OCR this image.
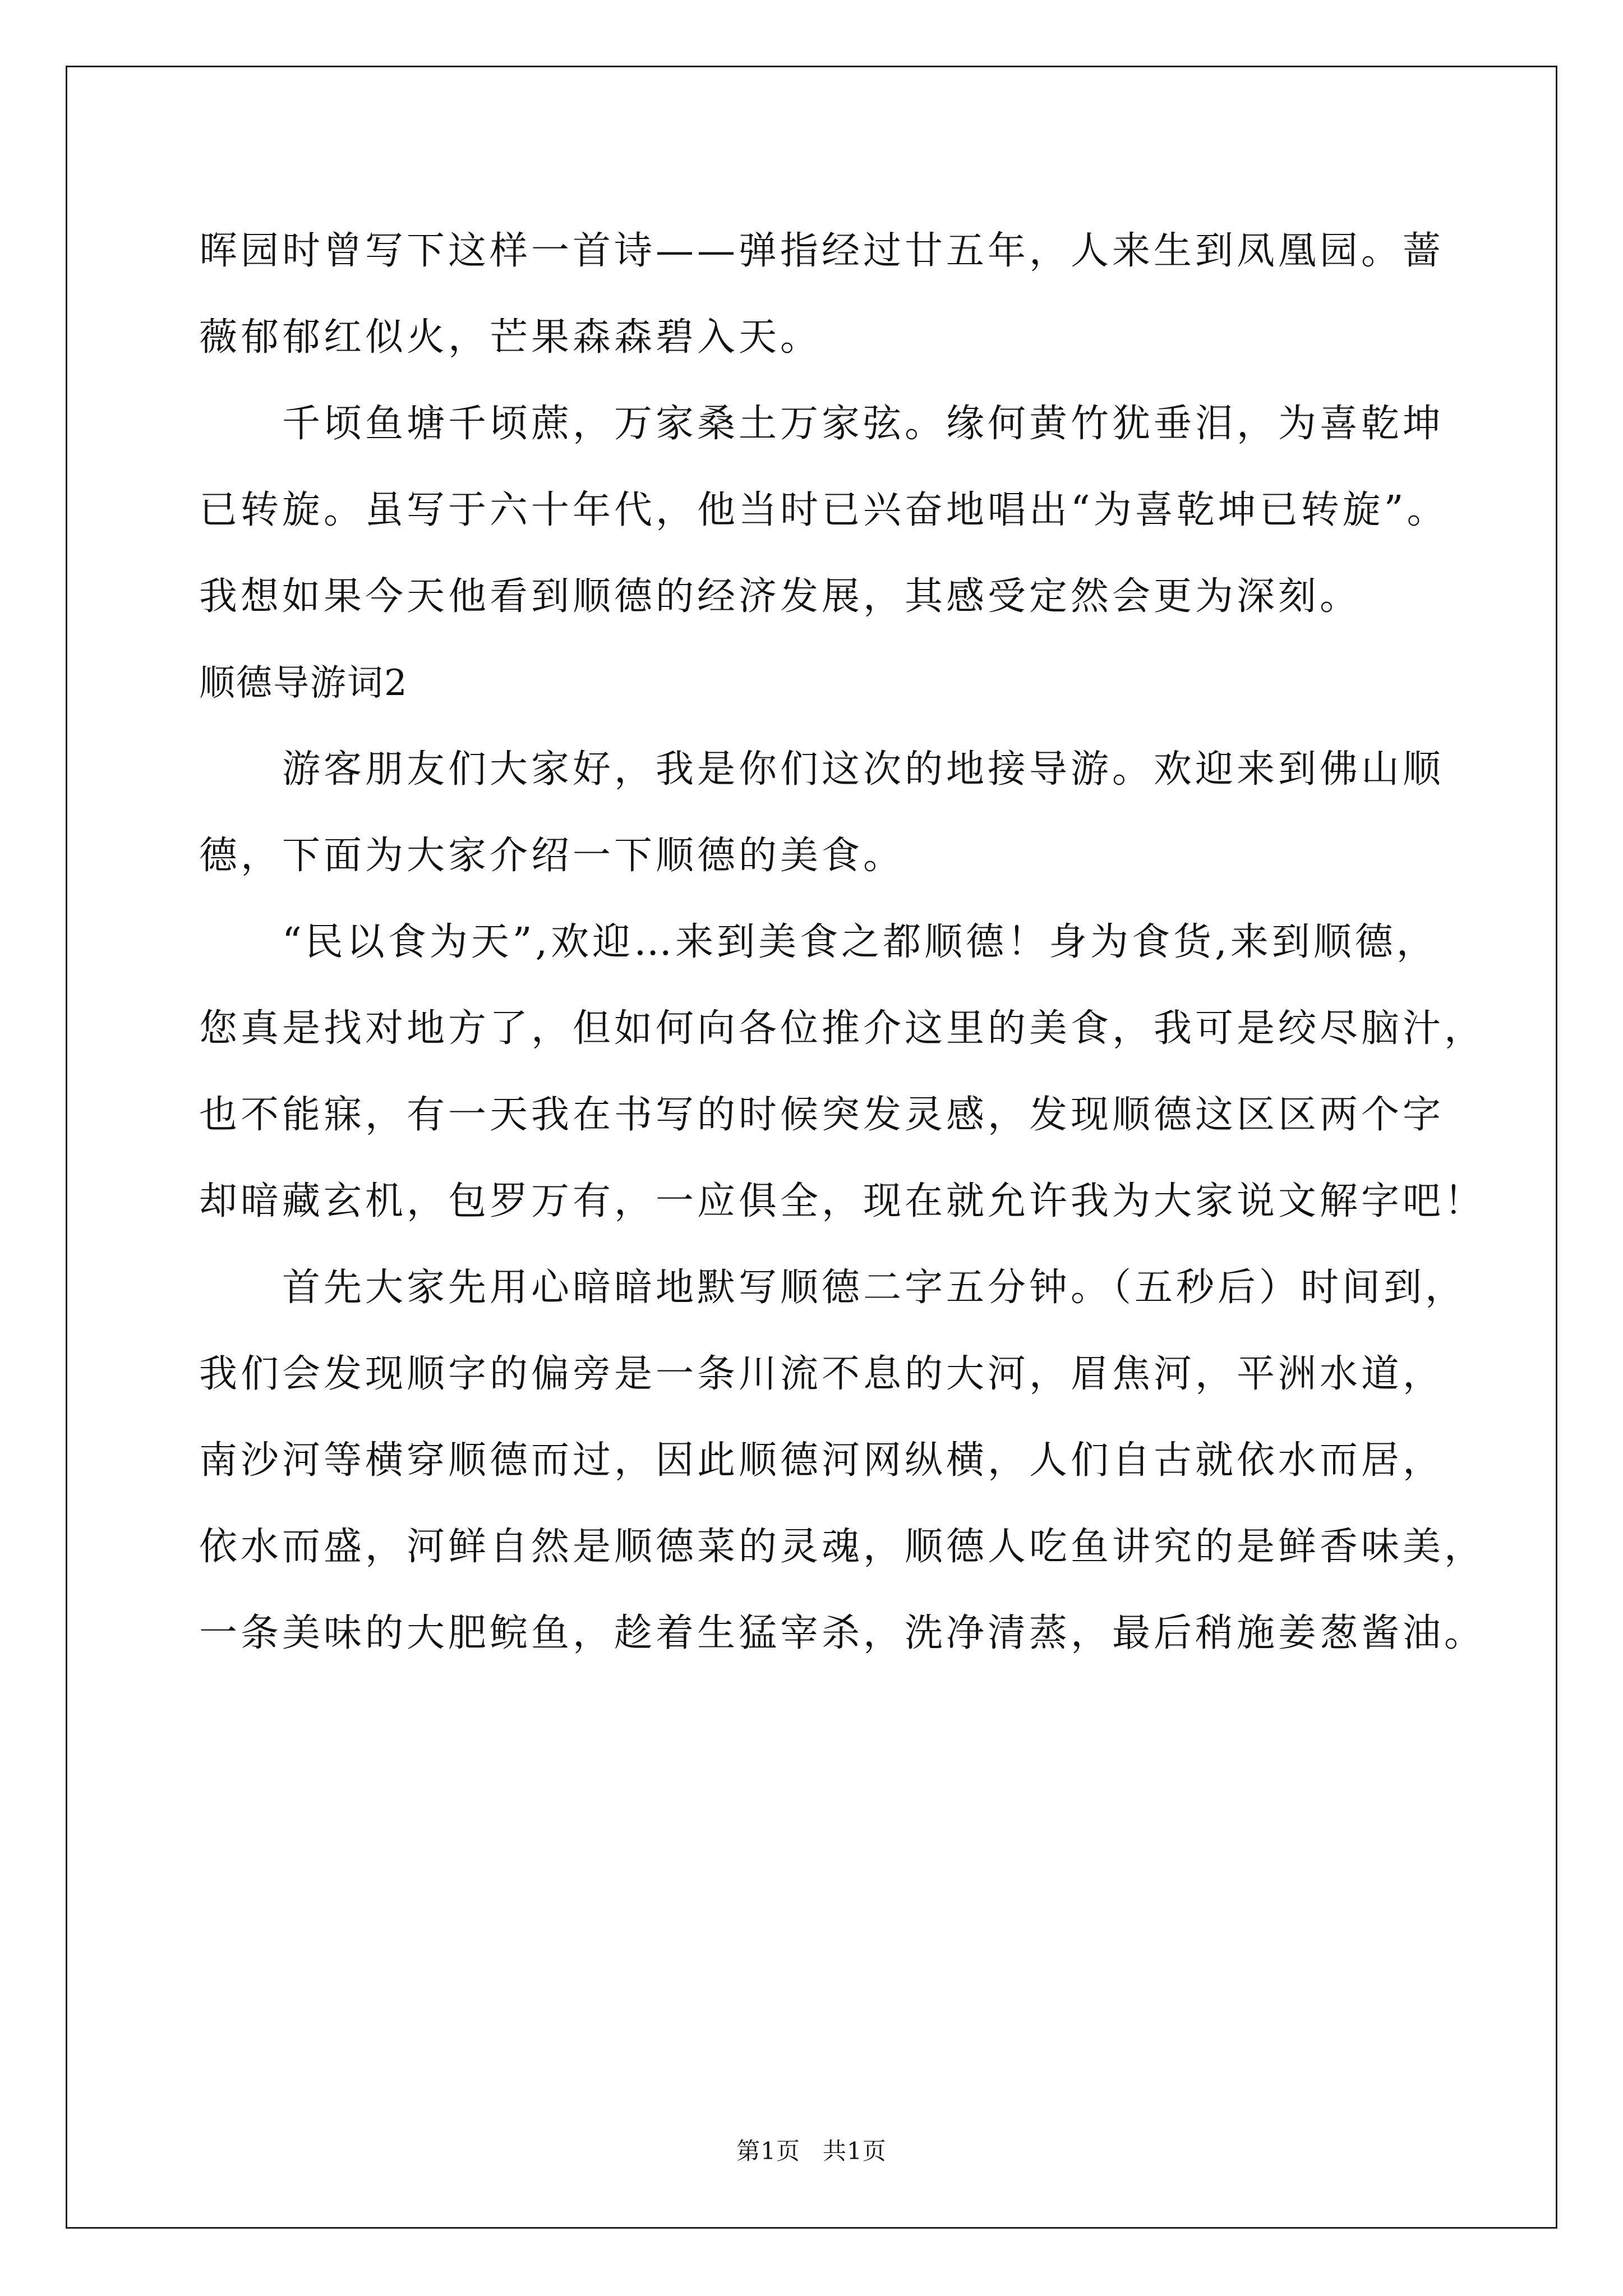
晖园时曾写下这样一首诗——弹指经过廿五年，人来生到凤凰园。蔷
薇郁郁红似火，芒果森森碧入天。
千顷鱼塘千顷蔗，万家桑土万家弦。缘何黄竹犹垂泪，为喜乾坤
已转旋。虽写于六十年代，他当时已兴奋地唱出“为喜乾坤已转旋”。
我想如果今天他看到顺德的经济发展，其感受定然会更为深刻。
顺德导游词2
游客朋友们大家好，我是你们这次的地接导游。欢迎来到佛山顺
德，下面为大家介绍一下顺德的美食。
“民以食为天”,欢迎…来到美食之都顺德！身为食货,来到顺德，
您真是找对地方了，但如何向各位推介这里的美食，我可是绞尽脑汁，
也不能寐，有一天我在书写的时候突发灵感，发现顺德这区区两个字
却暗藏玄机，包罗万有，一应俱全，现在就允许我为大家说文解字吧！
首先大家先用心暗暗地默写顺德二字五分钟。（五秒后）时间到，
我们会发现顺字的偏旁是一条川流不息的大河，眉焦河，平洲水道，
南沙河等横穿顺德而过，因此顺德河网纵横，人们自古就依水而居，
依水而盛，河鲜自然是顺德菜的灵魂，顺德人吃鱼讲究的是鲜香味美，
一条美味的大肥鲩鱼，趁着生猛宰杀，洗净清蒸，最后稍施姜葱酱油。
第1页 共1页
